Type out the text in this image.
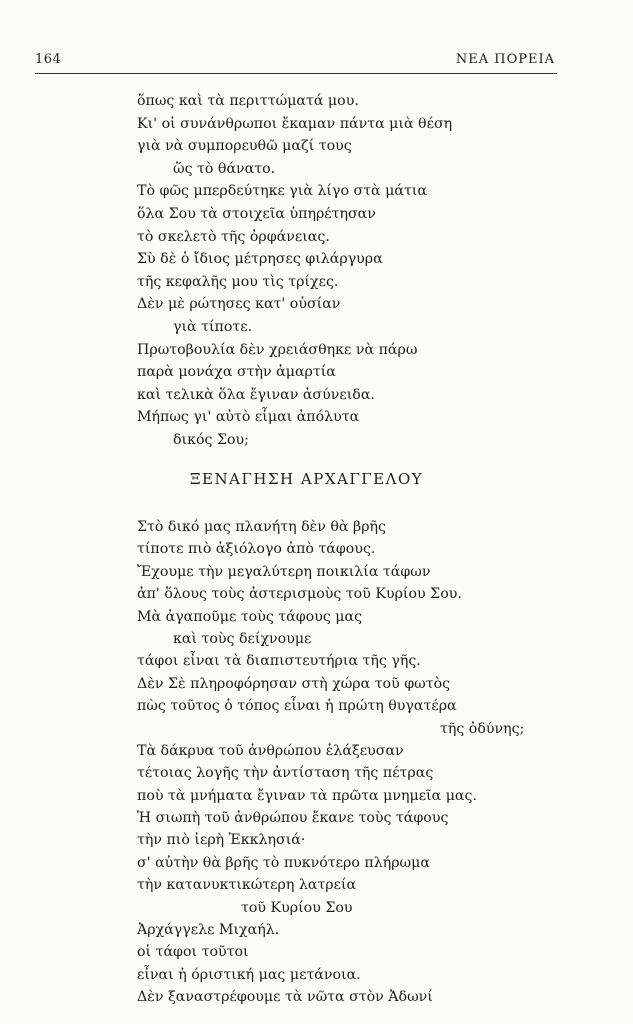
164	ΝΕΑ ΠΟΡΕΙΑ
ὅπως καὶ τὰ περιττώματά μου.
Κι' οἱ συνάνθρωποι ἔκαμαν πάντα μιὰ θέση
γιὰ νὰ συμπορευθῶ μαζί τους
ὥς τὸ θάνατο.
Τὸ φῶς μπερδεύτηκε γιὰ λίγο στὰ μάτια
ὅλα Σου τὰ στοιχεῖα ὑπηρέτησαν
τὸ σκελετὸ τῆς ὀρφάνειας.
Σὺ δὲ ὁ ἴδιος μέτρησες φιλάργυρα
τῆς κεφαλῆς μου τὶς τρίχες.
Δὲν μὲ ρώτησες κατ' οὐσίαν
γιὰ τίποτε.
Πρωτοβουλία δὲν χρειάσθηκε νὰ πάρω
παρὰ μονάχα στὴν ἁμαρτία
καὶ τελικὰ ὅλα ἔγιναν ἀσύνειδα.
Μήπως γι' αὐτὸ εἶμαι ἀπόλυτα
δικός Σου;
ΞΕΝΑΓΗΣΗ ΑΡΧΑΓΓΕΛΟΥ
Στὸ δικό μας πλανήτη δὲν θὰ βρῆς
τίποτε πιὸ ἀξιόλογο ἀπὸ τάφους.
Ἔχουμε τὴν μεγαλύτερη ποικιλία τάφων
ἀπ' ὅλους τοὺς ἀστερισμοὺς τοῦ Κυρίου Σου.
Μὰ ἀγαποῦμε τοὺς τάφους μας
καὶ τοὺς δείχνουμε
τάφοι εἶναι τὰ διαπιστευτήρια τῆς γῆς.
Δὲν Σὲ πληροφόρησαν στὴ χώρα τοῦ φωτὸς
πὼς τοῦτος ὁ τόπος εἶναι ἡ πρώτη θυγατέρα
τῆς ὀδύνης;
Τὰ δάκρυα τοῦ ἀνθρώπου ἐλάξευσαν
τέτοιας λογῆς τὴν ἀντίσταση τῆς πέτρας
ποὺ τὰ μνήματα ἔγιναν τὰ πρῶτα μνημεῖα μας.
Ἡ σιωπὴ τοῦ ἀνθρώπου ἔκανε τοὺς τάφους
τὴν πιὸ ἱερὴ Ἐκκλησιά·
σ' αὐτὴν θὰ βρῆς τὸ πυκνότερο πλήρωμα
τὴν κατανυκτικώτερη λατρεία
τοῦ Κυρίου Σου
Ἀρχάγγελε Μιχαήλ.
οἱ τάφοι τοῦτοι
εἶναι ἡ όριστική μας μετάνοια.
Δὲν ξαναστρέφουμε τὰ νῶτα στὸν Ἀδωνί
